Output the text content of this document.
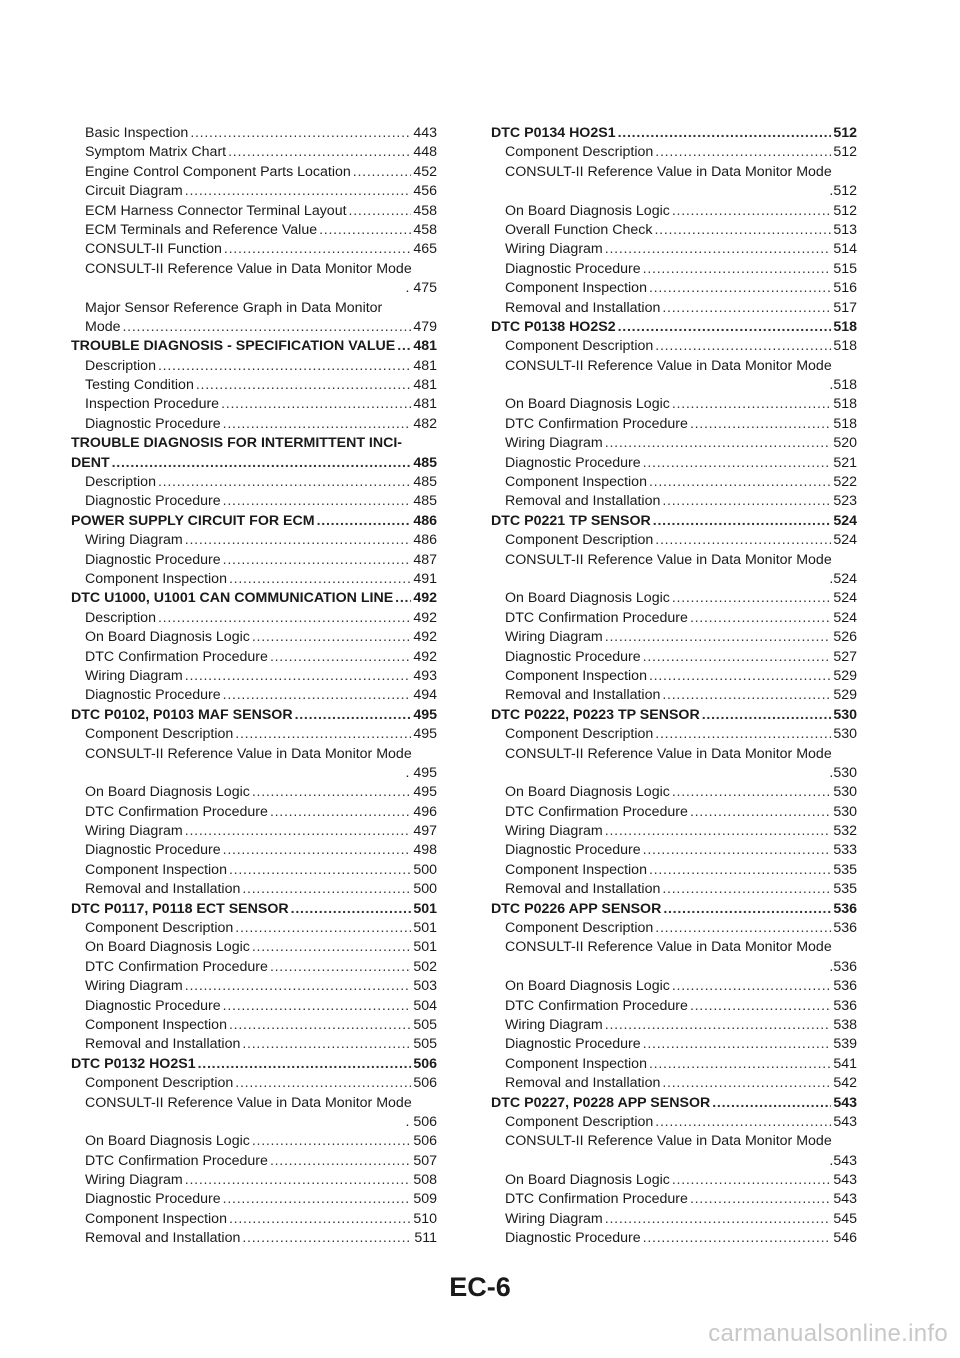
Basic Inspection . . .	443
Symptom Matrix Chart . . .	448
Engine Control Component Parts Location . . .	452
Circuit Diagram . . .	456
ECM Harness Connector Terminal Layout . . .	458
ECM Terminals and Reference Value . . .	458
CONSULT-II Function . . .	465
CONSULT-II Reference Value in Data Monitor Mode
. 475
Major Sensor Reference Graph in Data Monitor
Mode . . .	479
TROUBLE DIAGNOSIS - SPECIFICATION VALUE . . . 481
Description . . .	481
Testing Condition . . .	481
Inspection Procedure . . .	481
Diagnostic Procedure . . .	482
TROUBLE DIAGNOSIS FOR INTERMITTENT INCI-
DENT . . .	485
Description . . .	485
Diagnostic Procedure . . .	485
POWER SUPPLY CIRCUIT FOR ECM . . .	486
Wiring Diagram . . .	486
Diagnostic Procedure . . .	487
Component Inspection . . .	491
DTC U1000, U1001 CAN COMMUNICATION LINE . . . 492
Description . . .	492
On Board Diagnosis Logic . . .	492
DTC Confirmation Procedure . . .	492
Wiring Diagram . . .	493
Diagnostic Procedure . . .	494
DTC P0102, P0103 MAF SENSOR . . .	495
Component Description . . .	495
CONSULT-II Reference Value in Data Monitor Mode
. 495
On Board Diagnosis Logic . . .	495
DTC Confirmation Procedure . . .	496
Wiring Diagram . . .	497
Diagnostic Procedure . . .	498
Component Inspection . . .	500
Removal and Installation . . .	500
DTC P0117, P0118 ECT SENSOR . . .	501
Component Description . . .	501
On Board Diagnosis Logic . . .	501
DTC Confirmation Procedure . . .	502
Wiring Diagram . . .	503
Diagnostic Procedure . . .	504
Component Inspection . . .	505
Removal and Installation . . .	505
DTC P0132 HO2S1 . . .	506
Component Description . . .	506
CONSULT-II Reference Value in Data Monitor Mode
. 506
On Board Diagnosis Logic . . .	506
DTC Confirmation Procedure . . .	507
Wiring Diagram . . .	508
Diagnostic Procedure . . .	509
Component Inspection . . .	510
Removal and Installation . . .	511
DTC P0134 HO2S1 . . .	512
Component Description . . .	512
CONSULT-II Reference Value in Data Monitor Mode
.512
On Board Diagnosis Logic . . .	512
Overall Function Check . . .	513
Wiring Diagram . . .	514
Diagnostic Procedure . . .	515
Component Inspection . . .	516
Removal and Installation . . .	517
DTC P0138 HO2S2 . . .	518
Component Description . . .	518
CONSULT-II Reference Value in Data Monitor Mode
.518
On Board Diagnosis Logic . . .	518
DTC Confirmation Procedure . . .	518
Wiring Diagram . . .	520
Diagnostic Procedure . . .	521
Component Inspection . . .	522
Removal and Installation . . .	523
DTC P0221 TP SENSOR . . .	524
Component Description . . .	524
CONSULT-II Reference Value in Data Monitor Mode
.524
On Board Diagnosis Logic . . .	524
DTC Confirmation Procedure . . .	524
Wiring Diagram . . .	526
Diagnostic Procedure . . .	527
Component Inspection . . .	529
Removal and Installation . . .	529
DTC P0222, P0223 TP SENSOR . . .	530
Component Description . . .	530
CONSULT-II Reference Value in Data Monitor Mode
.530
On Board Diagnosis Logic . . .	530
DTC Confirmation Procedure . . .	530
Wiring Diagram . . .	532
Diagnostic Procedure . . .	533
Component Inspection . . .	535
Removal and Installation . . .	535
DTC P0226 APP SENSOR . . .	536
Component Description . . .	536
CONSULT-II Reference Value in Data Monitor Mode
.536
On Board Diagnosis Logic . . .	536
DTC Confirmation Procedure . . .	536
Wiring Diagram . . .	538
Diagnostic Procedure . . .	539
Component Inspection . . .	541
Removal and Installation . . .	542
DTC P0227, P0228 APP SENSOR . . .	543
Component Description . . .	543
CONSULT-II Reference Value in Data Monitor Mode
.543
On Board Diagnosis Logic . . .	543
DTC Confirmation Procedure . . .	543
Wiring Diagram . . .	545
Diagnostic Procedure . . .	546
EC-6
carmanualsonline.info
